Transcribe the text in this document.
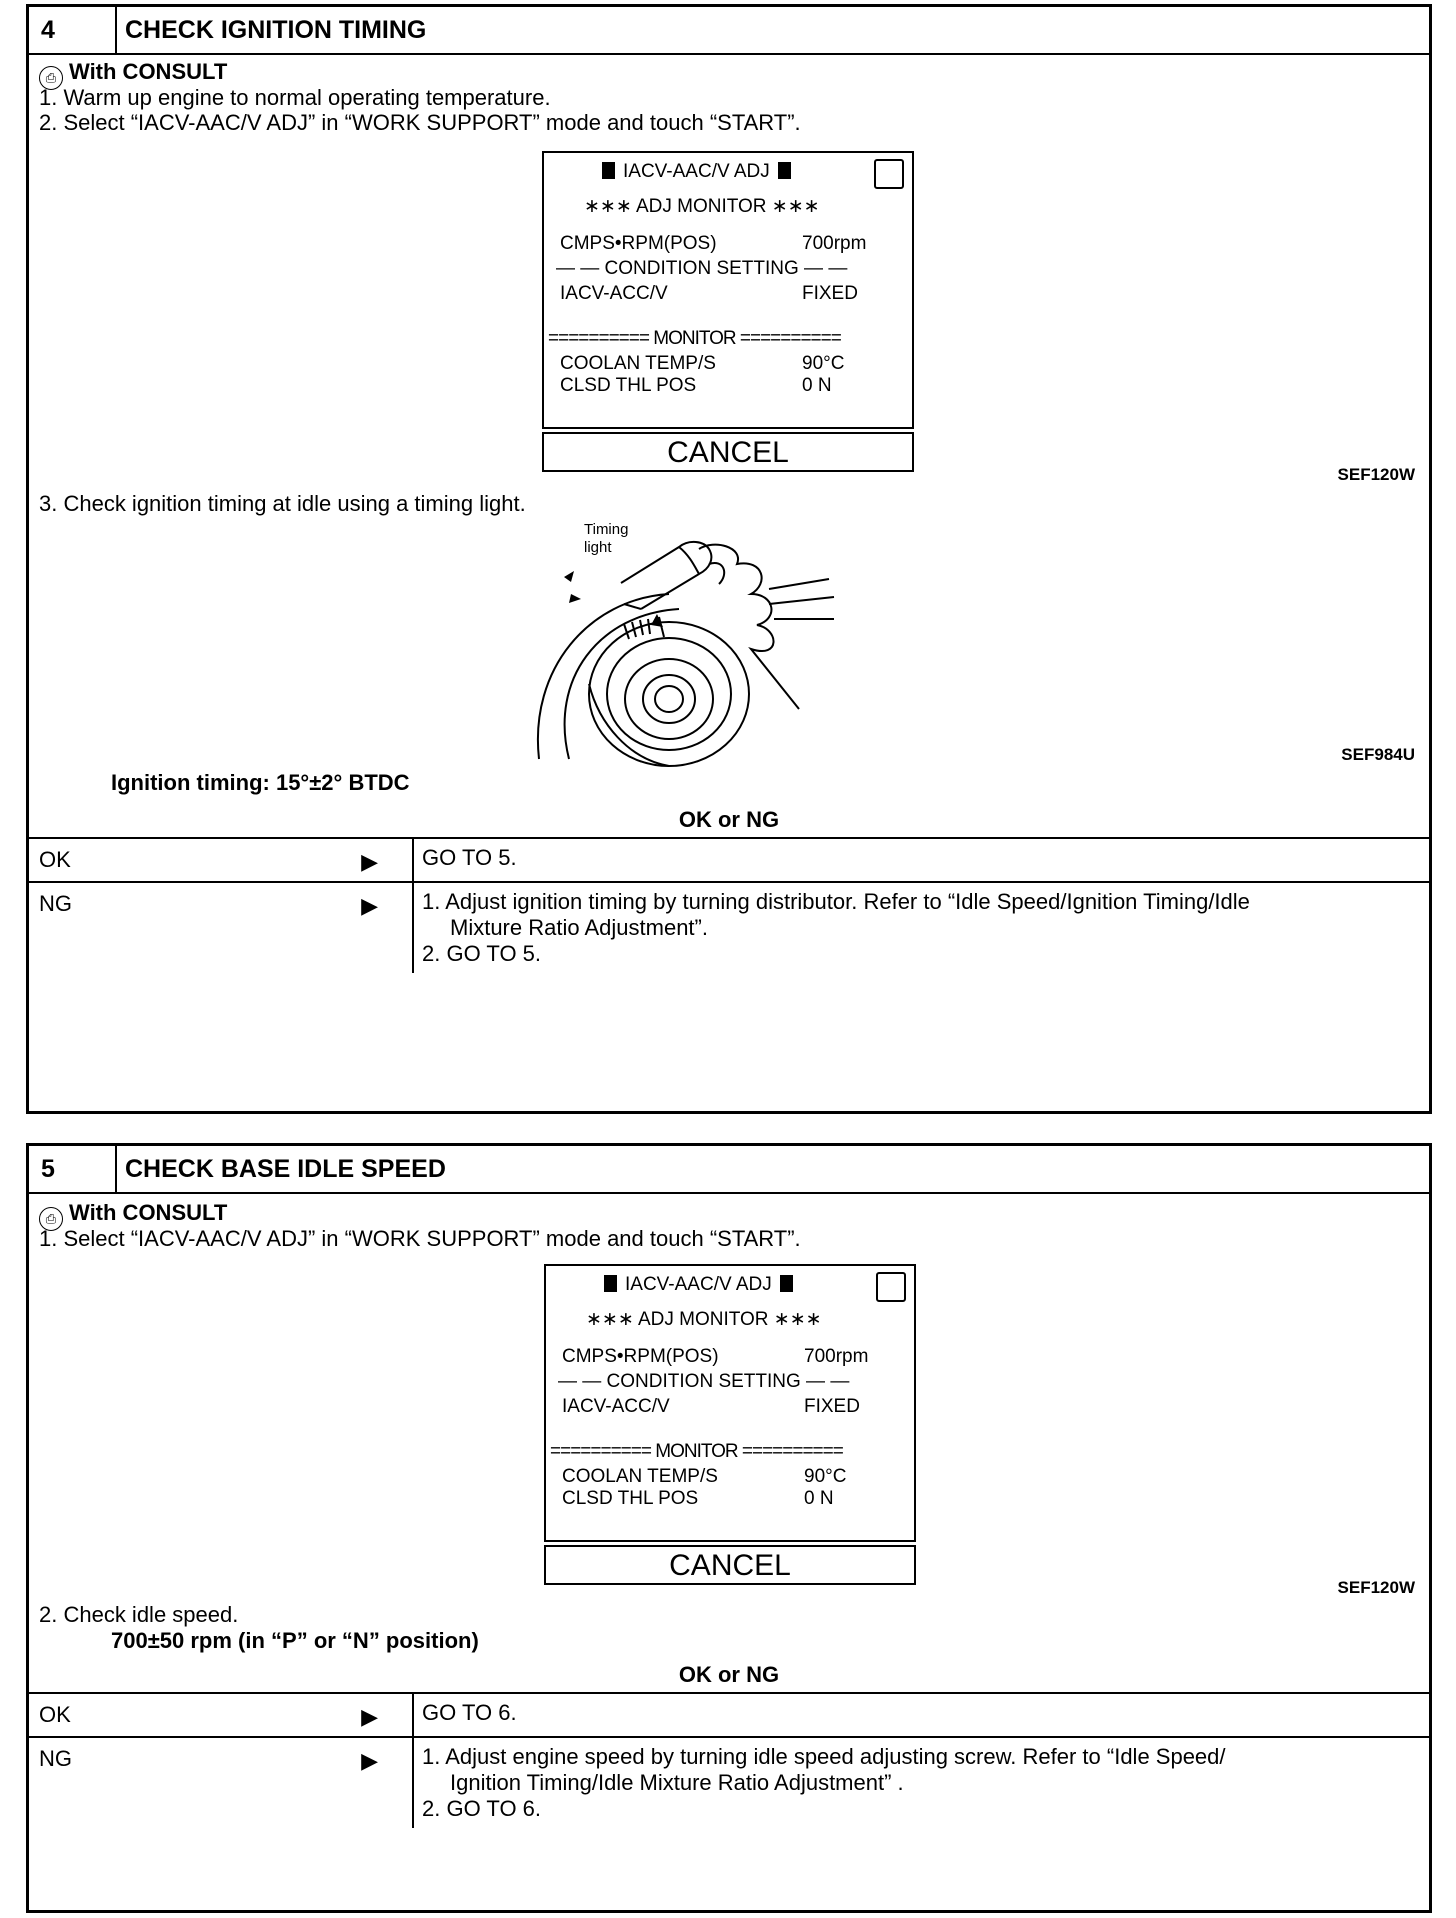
4	CHECK IGNITION TIMING
⎙ With CONSULT
1. Warm up engine to normal operating temperature.
2. Select “IACV-AAC/V ADJ” in “WORK SUPPORT” mode and touch “START”.
IACV-AAC/V ADJ
∗∗∗ ADJ MONITOR ∗∗∗
CMPS•RPM(POS)	700rpm
— — CONDITION SETTING — —
IACV-ACC/V	FIXED
========== MONITOR ==========
COOLAN TEMP/S	90°C
CLSD THL POS	0 N
CANCEL
SEF120W
3. Check ignition timing at idle using a timing light.
Timing
light
SEF984U
Ignition timing: 15°±2° BTDC
OK or NG
OK	▶	GO TO 5.
NG	▶ 1. Adjust ignition timing by turning distributor. Refer to “Idle Speed/Ignition Timing/Idle
Mixture Ratio Adjustment”.
2. GO TO 5.
5	CHECK BASE IDLE SPEED
⎙ With CONSULT
1. Select “IACV-AAC/V ADJ” in “WORK SUPPORT” mode and touch “START”.
IACV-AAC/V ADJ
∗∗∗ ADJ MONITOR ∗∗∗
CMPS•RPM(POS)	700rpm
— — CONDITION SETTING — —
IACV-ACC/V	FIXED
========== MONITOR ==========
COOLAN TEMP/S	90°C
CLSD THL POS	0 N
CANCEL
SEF120W
2. Check idle speed.
700±50 rpm (in “P” or “N” position)
OK or NG
OK	▶	GO TO 6.
NG	▶ 1. Adjust engine speed by turning idle speed adjusting screw. Refer to “Idle Speed/
Ignition Timing/Idle Mixture Ratio Adjustment” .
2. GO TO 6.
